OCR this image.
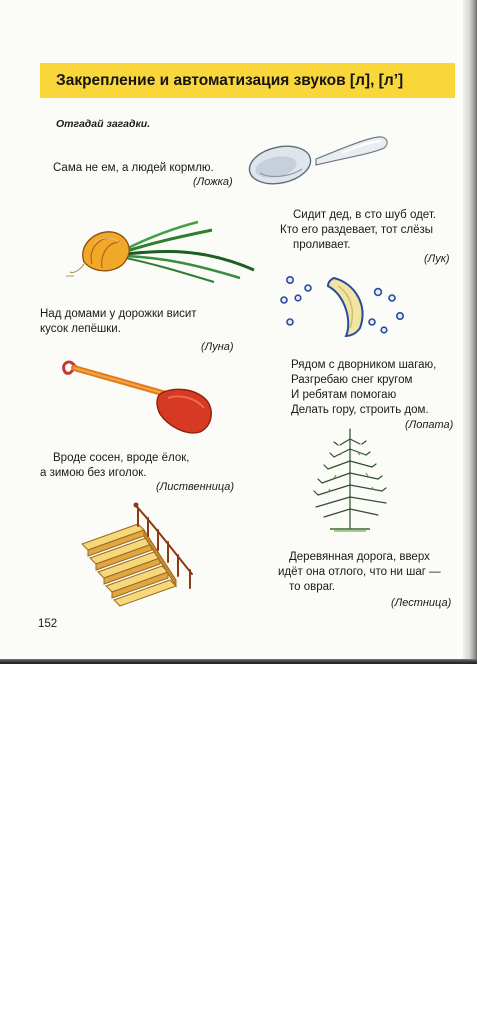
Закрепление и автоматизация звуков [л], [л’]
Отгадай загадки.
Сама не ем, а людей кормлю.
(Ложка)
Сидит дед, в сто шуб одет.
Кто его раздевает, тот слёзы
проливает.
(Лук)
Над домами у дорожки висит
кусок лепёшки.
(Луна)
Рядом с дворником шагаю,
Разгребаю снег кругом
И ребятам помогаю
Делать гору, строить дом.
(Лопата)
Вроде сосен, вроде ёлок,
а зимою без иголок.
(Лиственница)
Деревянная дорога, вверх
идёт она отлого, что ни шаг —
то овраг.
(Лестница)
152
